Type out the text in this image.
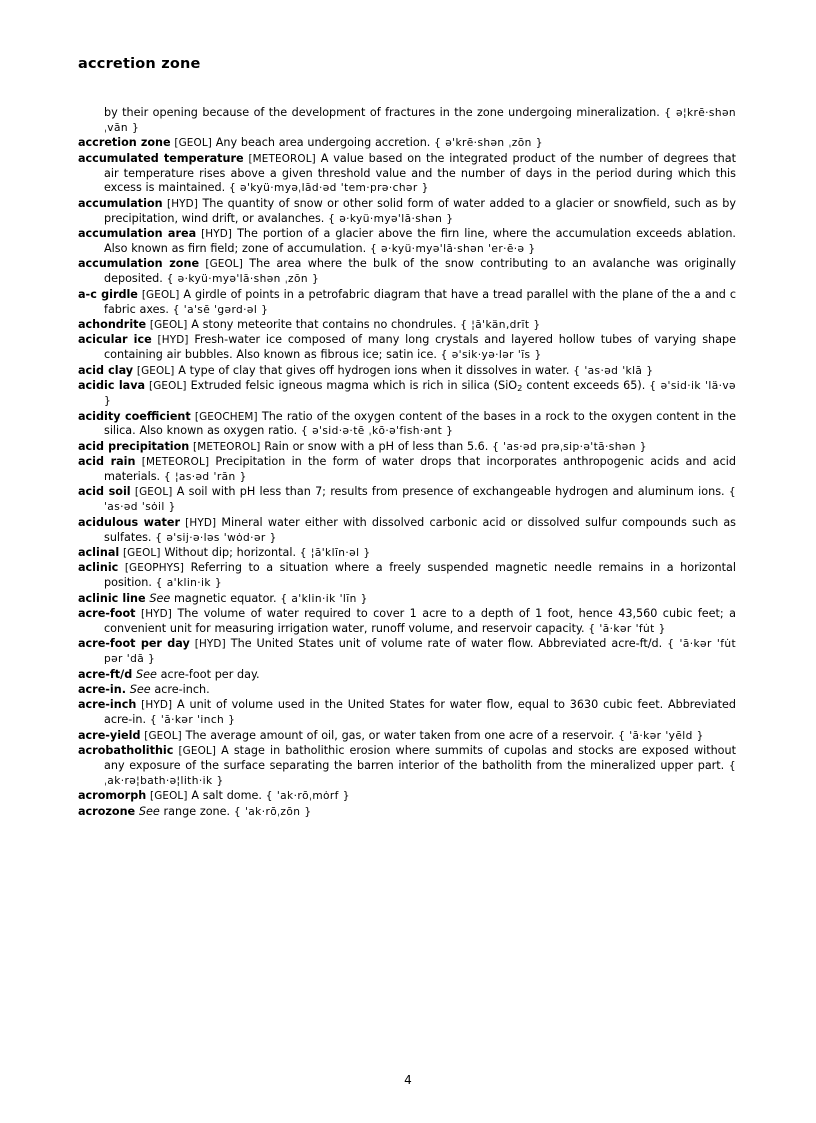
accretion zone

by their opening because of the development of fractures in the zone undergoing mineralization. { ə¦krē·shən ˌvān }

accretion zone [GEOL] Any beach area undergoing accretion. { ə'krē·shən ˌzōn }

accumulated temperature [METEOROL] A value based on the integrated product of the number of degrees that air temperature rises above a given threshold value and the number of days in the period during which this excess is maintained. { ə'kyü·myəˌlād·əd 'tem·prə·chər }

accumulation [HYD] The quantity of snow or other solid form of water added to a glacier or snowfield, such as by precipitation, wind drift, or avalanches. { ə·kyü·myə'lā·shən }

accumulation area [HYD] The portion of a glacier above the firn line, where the accumulation exceeds ablation. Also known as firn field; zone of accumulation. { ə·kyü·myə'lā·shən 'er·ē·ə }

accumulation zone [GEOL] The area where the bulk of the snow contributing to an avalanche was originally deposited. { ə·kyü·myə'lā·shən ˌzōn }

a-c girdle [GEOL] A girdle of points in a petrofabric diagram that have a tread parallel with the plane of the a and c fabric axes. { 'a'sē 'gərd·əl }

achondrite [GEOL] A stony meteorite that contains no chondrules. { ¦ā'kän‚drīt }

acicular ice [HYD] Fresh-water ice composed of many long crystals and layered hollow tubes of varying shape containing air bubbles. Also known as fibrous ice; satin ice. { ə'sik·yə·lər 'īs }

acid clay [GEOL] A type of clay that gives off hydrogen ions when it dissolves in water. { 'as·əd 'klā }

acidic lava [GEOL] Extruded felsic igneous magma which is rich in silica (SiO$_2$ content exceeds 65). { ə'sid·ik 'lä·və }

acidity coefficient [GEOCHEM] The ratio of the oxygen content of the bases in a rock to the oxygen content in the silica. Also known as oxygen ratio. { ə'sid·ə·tē ˌkō·ə'fish·ənt }

acid precipitation [METEOROL] Rain or snow with a pH of less than 5.6. { 'as·əd prəˌsip·ə'tā·shən }

acid rain [METEOROL] Precipitation in the form of water drops that incorporates anthropogenic acids and acid materials. { ¦as·əd 'rān }

acid soil [GEOL] A soil with pH less than 7; results from presence of exchangeable hydrogen and aluminum ions. { 'as·əd 'sȯil }

acidulous water [HYD] Mineral water either with dissolved carbonic acid or dissolved sulfur compounds such as sulfates. { ə'sij·ə·ləs 'wȯd·ər }

aclinal [GEOL] Without dip; horizontal. { ¦ā'klīn·əl }

aclinic [GEOPHYS] Referring to a situation where a freely suspended magnetic needle remains in a horizontal position. { a'klin·ik }

aclinic line See magnetic equator. { a'klin·ik 'līn }

acre-foot [HYD] The volume of water required to cover 1 acre to a depth of 1 foot, hence 43,560 cubic feet; a convenient unit for measuring irrigation water, runoff volume, and reservoir capacity. { 'ā·kər 'fu̇t }

acre-foot per day [HYD] The United States unit of volume rate of water flow. Abbreviated acre-ft/d. { 'ā·kər 'fu̇t pər 'dā }

acre-ft/d See acre-foot per day.

acre-in. See acre-inch.

acre-inch [HYD] A unit of volume used in the United States for water flow, equal to 3630 cubic feet. Abbreviated acre-in. { 'ā·kər 'inch }

acre-yield [GEOL] The average amount of oil, gas, or water taken from one acre of a reservoir. { 'ā·kər 'yēld }

acrobatholithic [GEOL] A stage in batholithic erosion where summits of cupolas and stocks are exposed without any exposure of the surface separating the barren interior of the batholith from the mineralized upper part. { ˌak·rə¦bath·ə¦lith·ik }

acromorph [GEOL] A salt dome. { 'ak·rōˌmȯrf }

acrozone See range zone. { 'ak·rōˌzōn }

4
